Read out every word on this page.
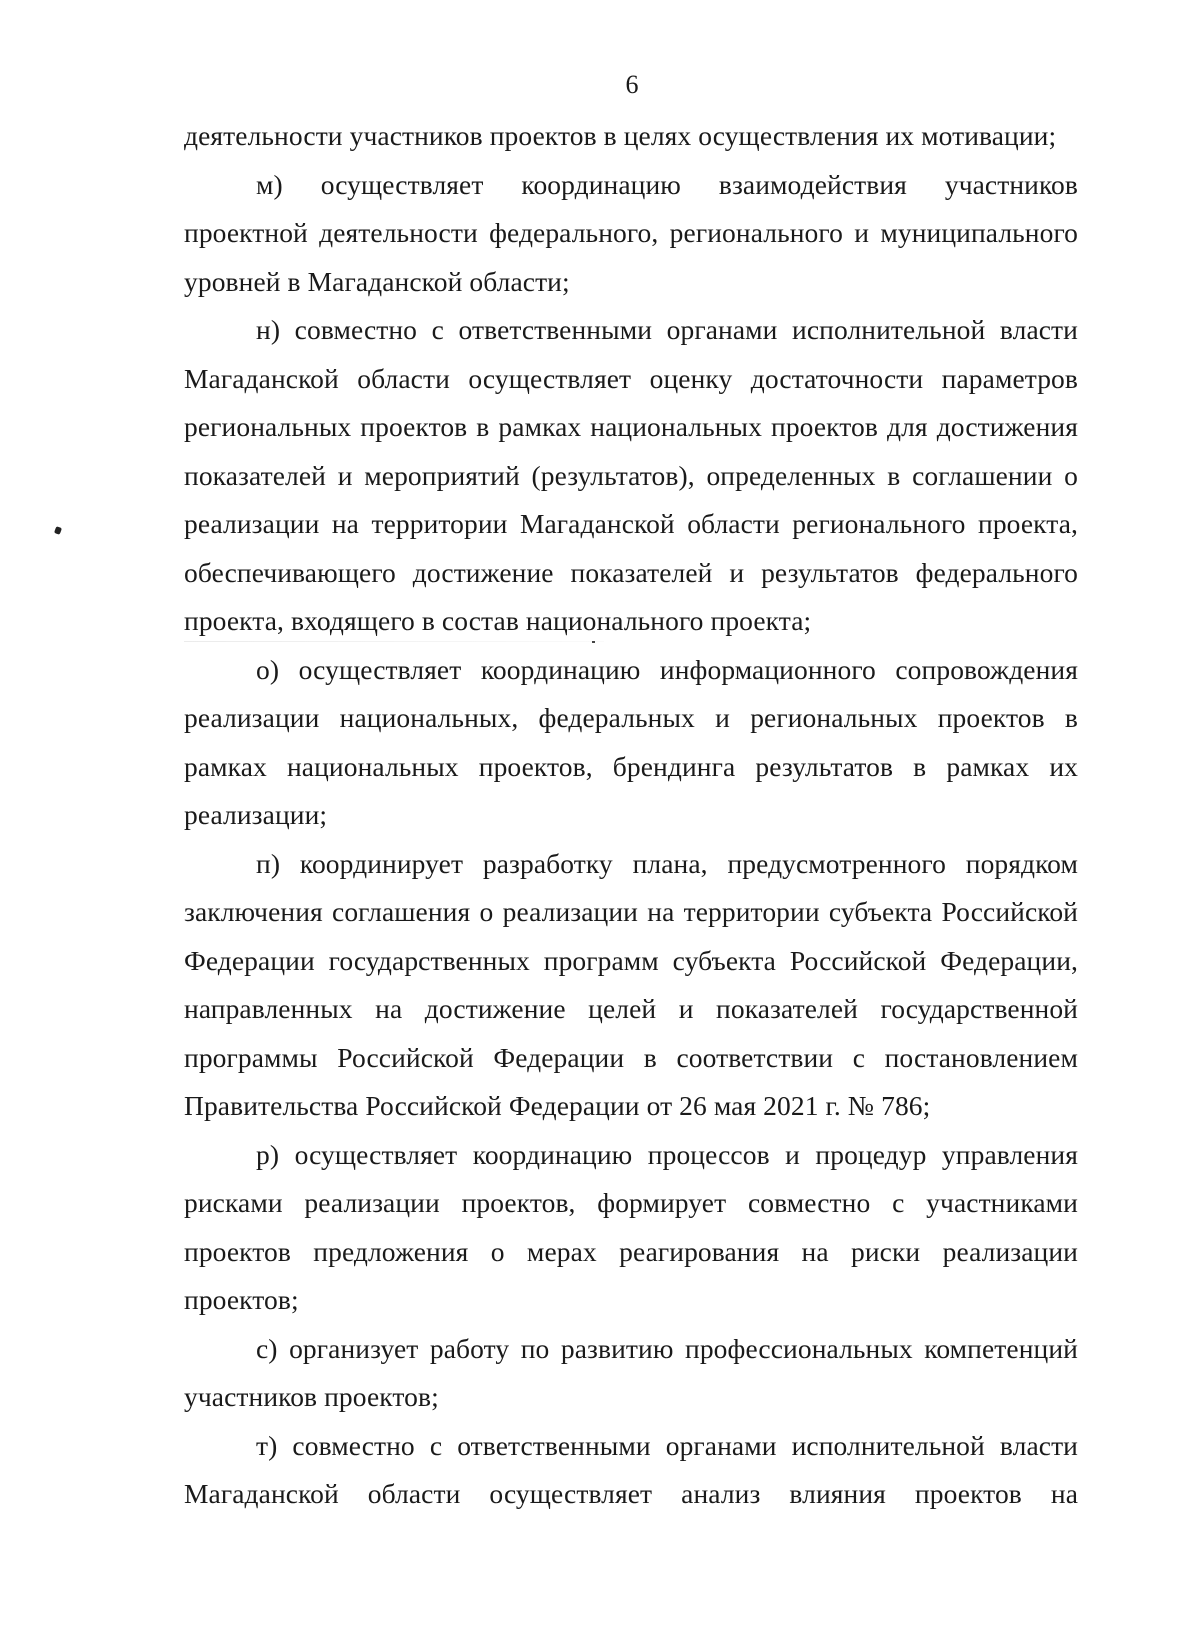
6

деятельности участников проектов в целях осуществления их мотивации;

м) осуществляет координацию взаимодействия участников проектной деятельности федерального, регионального и муниципального уровней в Магаданской области;

н) совместно с ответственными органами исполнительной власти Магаданской области осуществляет оценку достаточности параметров региональных проектов в рамках национальных проектов для достижения показателей и мероприятий (результатов), определенных в соглашении о реализации на территории Магаданской области регионального проекта, обеспечивающего достижение показателей и результатов федерального проекта, входящего в состав национального проекта;

о) осуществляет координацию информационного сопровождения реализации национальных, федеральных и региональных проектов в рамках национальных проектов, брендинга результатов в рамках их реализации;

п) координирует разработку плана, предусмотренного порядком заключения соглашения о реализации на территории субъекта Российской Федерации государственных программ субъекта Российской Федерации, направленных на достижение целей и показателей государственной программы Российской Федерации в соответствии с постановлением Правительства Российской Федерации от 26 мая 2021 г. № 786;

р) осуществляет координацию процессов и процедур управления рисками реализации проектов, формирует совместно с участниками проектов предложения о мерах реагирования на риски реализации проектов;

с) организует работу по развитию профессиональных компетенций участников проектов;

т) совместно с ответственными органами исполнительной власти Магаданской области осуществляет анализ влияния проектов на
